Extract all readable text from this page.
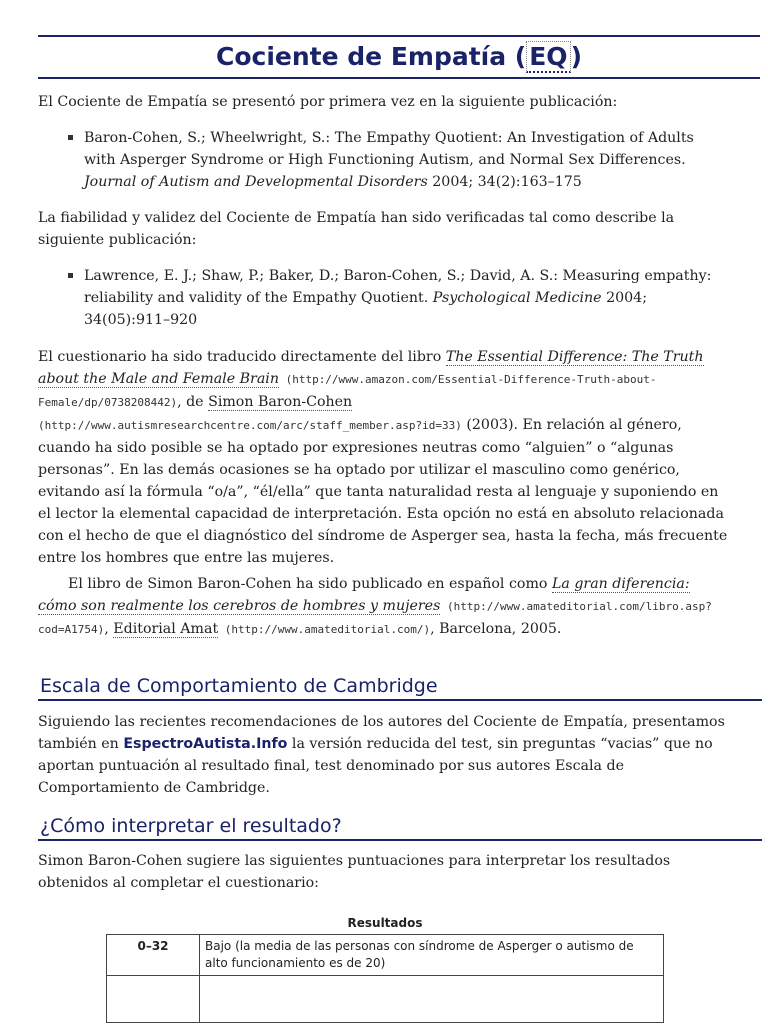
Cociente de Empatía ( EQ )

El Cociente de Empatía se presentó por primera vez en la siguiente publicación:

Baron-Cohen, S.; Wheelwright, S.: The Empathy Quotient: An Investigation of Adults with Asperger Syndrome or High Functioning Autism, and Normal Sex Differences. Journal of Autism and Developmental Disorders 2004; 34(2):163–175

La fiabilidad y validez del Cociente de Empatía han sido verificadas tal como describe la siguiente publicación:

Lawrence, E. J.; Shaw, P.; Baker, D.; Baron-Cohen, S.; David, A. S.: Measuring empathy: reliability and validity of the Empathy Quotient. Psychological Medicine 2004; 34(05):911–920

El cuestionario ha sido traducido directamente del libro The Essential Difference: The Truth about the Male and Female Brain (http://www.amazon.com/Essential-Difference-Truth-about-Female/dp/0738208442), de Simon Baron-Cohen (http://www.autismresearchcentre.com/arc/staff_member.asp?id=33) (2003). En relación al género, cuando ha sido posible se ha optado por expresiones neutras como “alguien” o “algunas personas”. En las demás ocasiones se ha optado por utilizar el masculino como genérico, evitando así la fórmula “o/a”, “él/ella” que tanta naturalidad resta al lenguaje y suponiendo en el lector la elemental capacidad de interpretación. Esta opción no está en absoluto relacionada con el hecho de que el diagnóstico del síndrome de Asperger sea, hasta la fecha, más frecuente entre los hombres que entre las mujeres.

El libro de Simon Baron-Cohen ha sido publicado en español como La gran diferencia: cómo son realmente los cerebros de hombres y mujeres (http://www.amateditorial.com/libro.asp?cod=A1754), Editorial Amat (http://www.amateditorial.com/), Barcelona, 2005.

Escala de Comportamiento de Cambridge

Siguiendo las recientes recomendaciones de los autores del Cociente de Empatía, presentamos también en EspectroAutista.Info la versión reducida del test, sin preguntas “vacias” que no aportan puntuación al resultado final, test denominado por sus autores Escala de Comportamiento de Cambridge.

¿Cómo interpretar el resultado?

Simon Baron-Cohen sugiere las siguientes puntuaciones para interpretar los resultados obtenidos al completar el cuestionario:

Resultados
0–32	Bajo (la media de las personas con síndrome de Asperger o autismo de alto funcionamiento es de 20)
